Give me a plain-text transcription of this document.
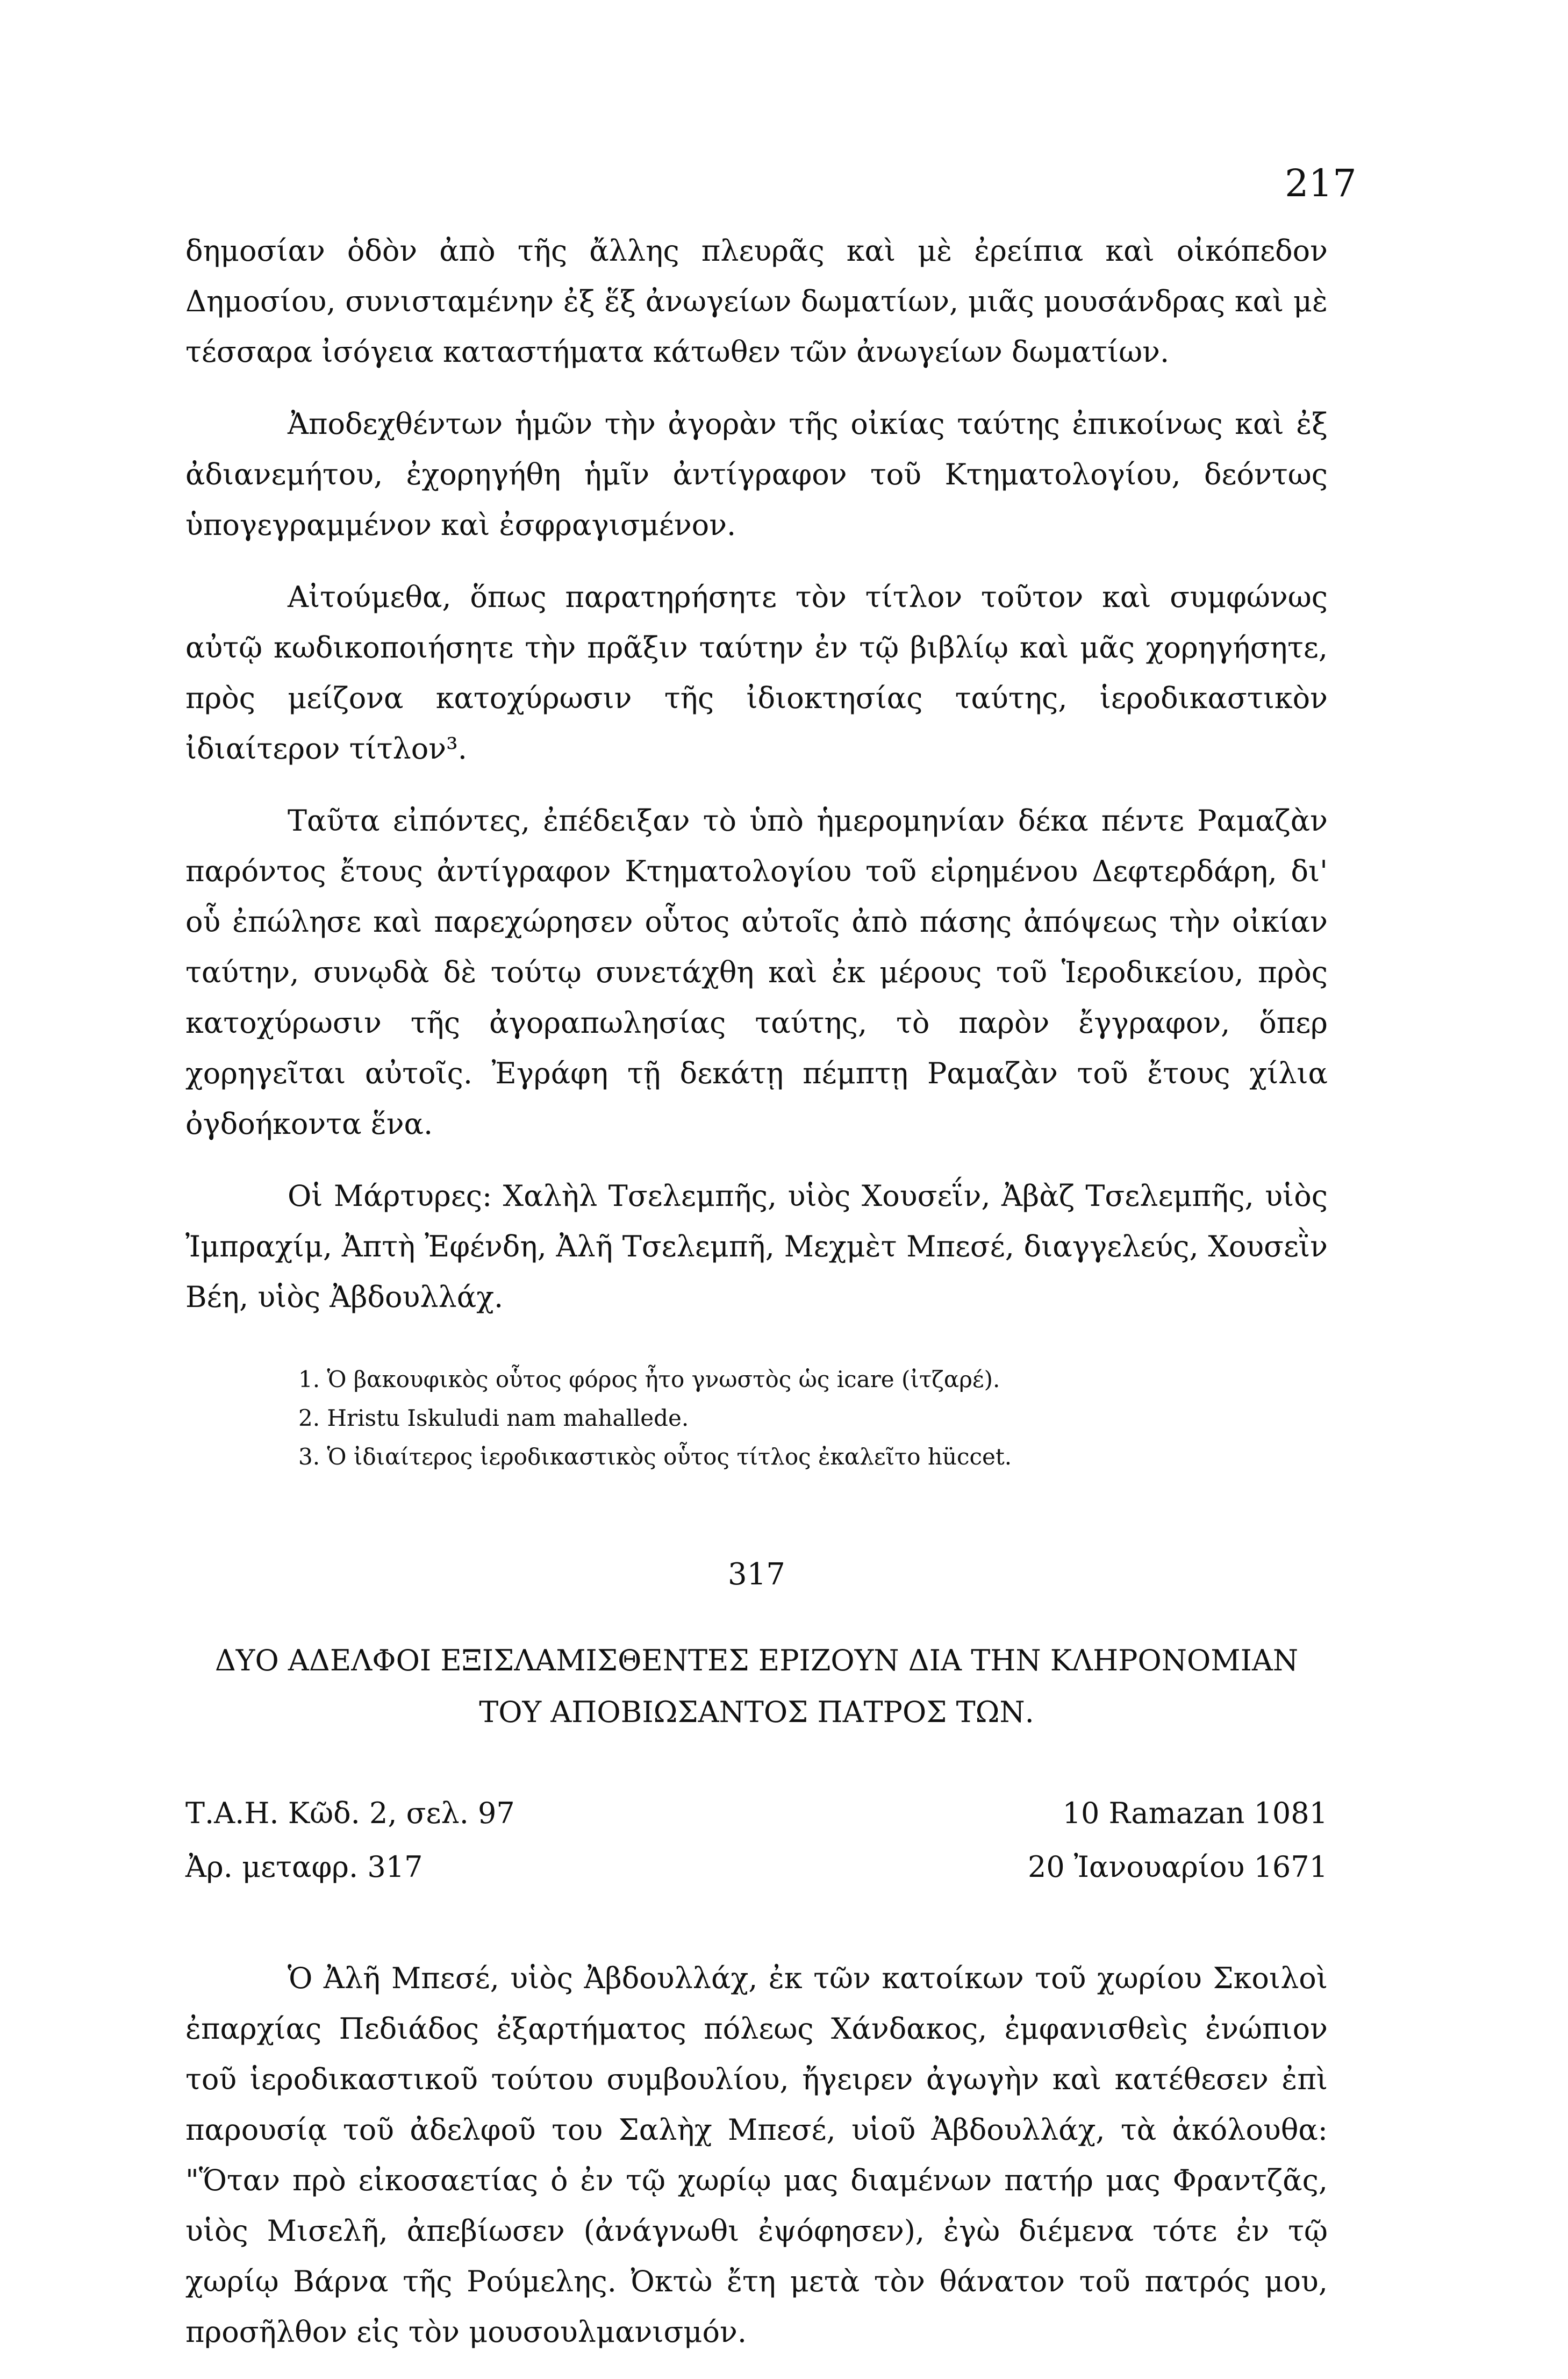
217

δημοσίαν ὁδὸν ἀπὸ τῆς ἄλλης πλευρᾶς καὶ μὲ ἐρείπια καὶ οἰκόπεδον Δημοσίου, συνισταμένην ἐξ ἕξ ἀνωγείων δωματίων, μιᾶς μουσάνδρας καὶ μὲ τέσσαρα ἰσόγεια καταστήματα κάτωθεν τῶν ἀνωγείων δωματίων.

Ἀποδεχθέντων ἡμῶν τὴν ἀγορὰν τῆς οἰκίας ταύτης ἐπικοίνως καὶ ἐξ ἀδιανεμήτου, ἐχορηγήθη ἡμῖν ἀντίγραφον τοῦ Κτηματολογίου, δεόντως ὑπογεγραμμένον καὶ ἐσφραγισμένον.

Αἰτούμεθα, ὅπως παρατηρήσητε τὸν τίτλον τοῦτον καὶ συμφώνως αὐτῷ κωδικοποιήσητε τὴν πρᾶξιν ταύτην ἐν τῷ βιβλίῳ καὶ μᾶς χορηγήσητε, πρὸς μείζονα κατοχύρωσιν τῆς ἰδιοκτησίας ταύτης, ἱεροδικαστικὸν ἰδιαίτερον τίτλον³.

Ταῦτα εἰπόντες, ἐπέδειξαν τὸ ὑπὸ ἡμερομηνίαν δέκα πέντε Ραμαζὰν παρόντος ἔτους ἀντίγραφον Κτηματολογίου τοῦ εἰρημένου Δεφτερδάρη, δι' οὗ ἐπώλησε καὶ παρεχώρησεν οὗτος αὐτοῖς ἀπὸ πάσης ἀπόψεως τὴν οἰκίαν ταύτην, συνῳδὰ δὲ τούτῳ συνετάχθη καὶ ἐκ μέρους τοῦ Ἱεροδικείου, πρὸς κατοχύρωσιν τῆς ἀγοραπωλησίας ταύτης, τὸ παρὸν ἔγγραφον, ὅπερ χορηγεῖται αὐτοῖς. Ἐγράφη τῇ δεκάτῃ πέμπτῃ Ραμαζὰν τοῦ ἔτους χίλια ὀγδοήκοντα ἕνα.

Οἱ Μάρτυρες: Χαλὴλ Τσελεμπῆς, υἱὸς Χουσεΐν, Ἀβὰζ Τσελεμπῆς, υἱὸς Ἰμπραχίμ, Ἀπτὴ Ἐφένδη, Ἀλῆ Τσελεμπῆ, Μεχμὲτ Μπεσέ, διαγγελεύς, Χουσεῒν Βέη, υἱὸς Ἀβδουλλάχ.

1. Ὁ βακουφικὸς οὗτος φόρος ἦτο γνωστὸς ὡς icare (ἰτζαρέ).

2. Hristu Iskuludi nam mahallede.

3. Ὁ ἰδιαίτερος ἱεροδικαστικὸς οὗτος τίτλος ἐκαλεῖτο hüccet.

317
ΔΥΟ ΑΔΕΛΦΟΙ ΕΞΙΣΛΑΜΙΣΘΕΝΤΕΣ ΕΡΙΖΟΥΝ ΔΙΑ ΤΗΝ ΚΛΗΡΟΝΟΜΙΑΝ
ΤΟΥ ΑΠΟΒΙΩΣΑΝΤΟΣ ΠΑΤΡΟΣ ΤΩΝ.
Τ.Α.Η. Κῶδ. 2, σελ. 97	10 Ramazan 1081
Ἀρ. μεταφρ. 317	20 Ἰανουαρίου 1671

Ὁ Ἀλῆ Μπεσέ, υἱὸς Ἀβδουλλάχ, ἐκ τῶν κατοίκων τοῦ χωρίου Σκοιλοὶ ἐπαρχίας Πεδιάδος ἐξαρτήματος πόλεως Χάνδακος, ἐμφανισθεὶς ἐνώπιον τοῦ ἱεροδικαστικοῦ τούτου συμβουλίου, ἤγειρεν ἀγωγὴν καὶ κατέθεσεν ἐπὶ παρουσίᾳ τοῦ ἀδελφοῦ του Σαλὴχ Μπεσέ, υἱοῦ Ἀβδουλλάχ, τὰ ἀκόλουθα: "Ὅταν πρὸ εἰκοσαετίας ὁ ἐν τῷ χωρίῳ μας διαμένων πατήρ μας Φραντζᾶς, υἱὸς Μισελῆ, ἀπεβίωσεν (ἀνάγνωθι ἐψόφησεν), ἐγὼ διέμενα τότε ἐν τῷ χωρίῳ Βάρνα τῆς Ρούμελης. Ὀκτὼ ἔτη μετὰ τὸν θάνατον τοῦ πατρός μου, προσῆλθον εἰς τὸν μουσουλμανισμόν.
